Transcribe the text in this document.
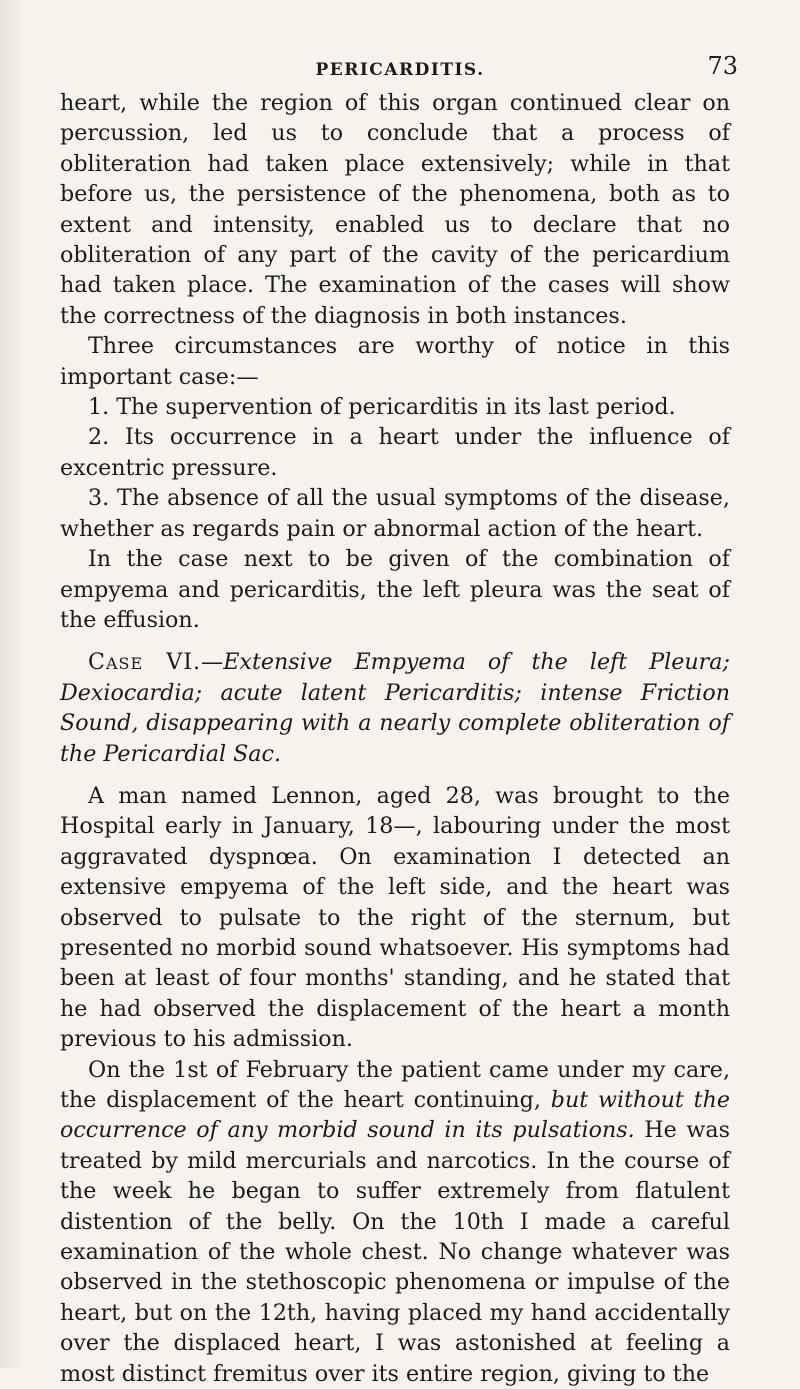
PERICARDITIS.	73

heart, while the region of this organ continued clear on percussion, led us to conclude that a process of obliteration had taken place extensively; while in that before us, the persistence of the phenomena, both as to extent and intensity, enabled us to declare that no obliteration of any part of the cavity of the pericardium had taken place. The examination of the cases will show the correctness of the diagnosis in both instances.

Three circumstances are worthy of notice in this important case:—

1. The supervention of pericarditis in its last period.

2. Its occurrence in a heart under the influence of excentric pressure.

3. The absence of all the usual symptoms of the disease, whether as regards pain or abnormal action of the heart.

In the case next to be given of the combination of empyema and pericarditis, the left pleura was the seat of the effusion.

Case VI.—Extensive Empyema of the left Pleura; Dexiocardia; acute latent Pericarditis; intense Friction Sound, disappearing with a nearly complete obliteration of the Pericardial Sac.

A man named Lennon, aged 28, was brought to the Hospital early in January, 18—, labouring under the most aggravated dyspnœa. On examination I detected an extensive empyema of the left side, and the heart was observed to pulsate to the right of the sternum, but presented no morbid sound whatsoever. His symptoms had been at least of four months' standing, and he stated that he had observed the displacement of the heart a month previous to his admission.

On the 1st of February the patient came under my care, the displacement of the heart continuing, but without the occurrence of any morbid sound in its pulsations. He was treated by mild mercurials and narcotics. In the course of the week he began to suffer extremely from flatulent distention of the belly. On the 10th I made a careful examination of the whole chest. No change whatever was observed in the stethoscopic phenomena or impulse of the heart, but on the 12th, having placed my hand accidentally over the displaced heart, I was astonished at feeling a most distinct fremitus over its entire region, giving to the
